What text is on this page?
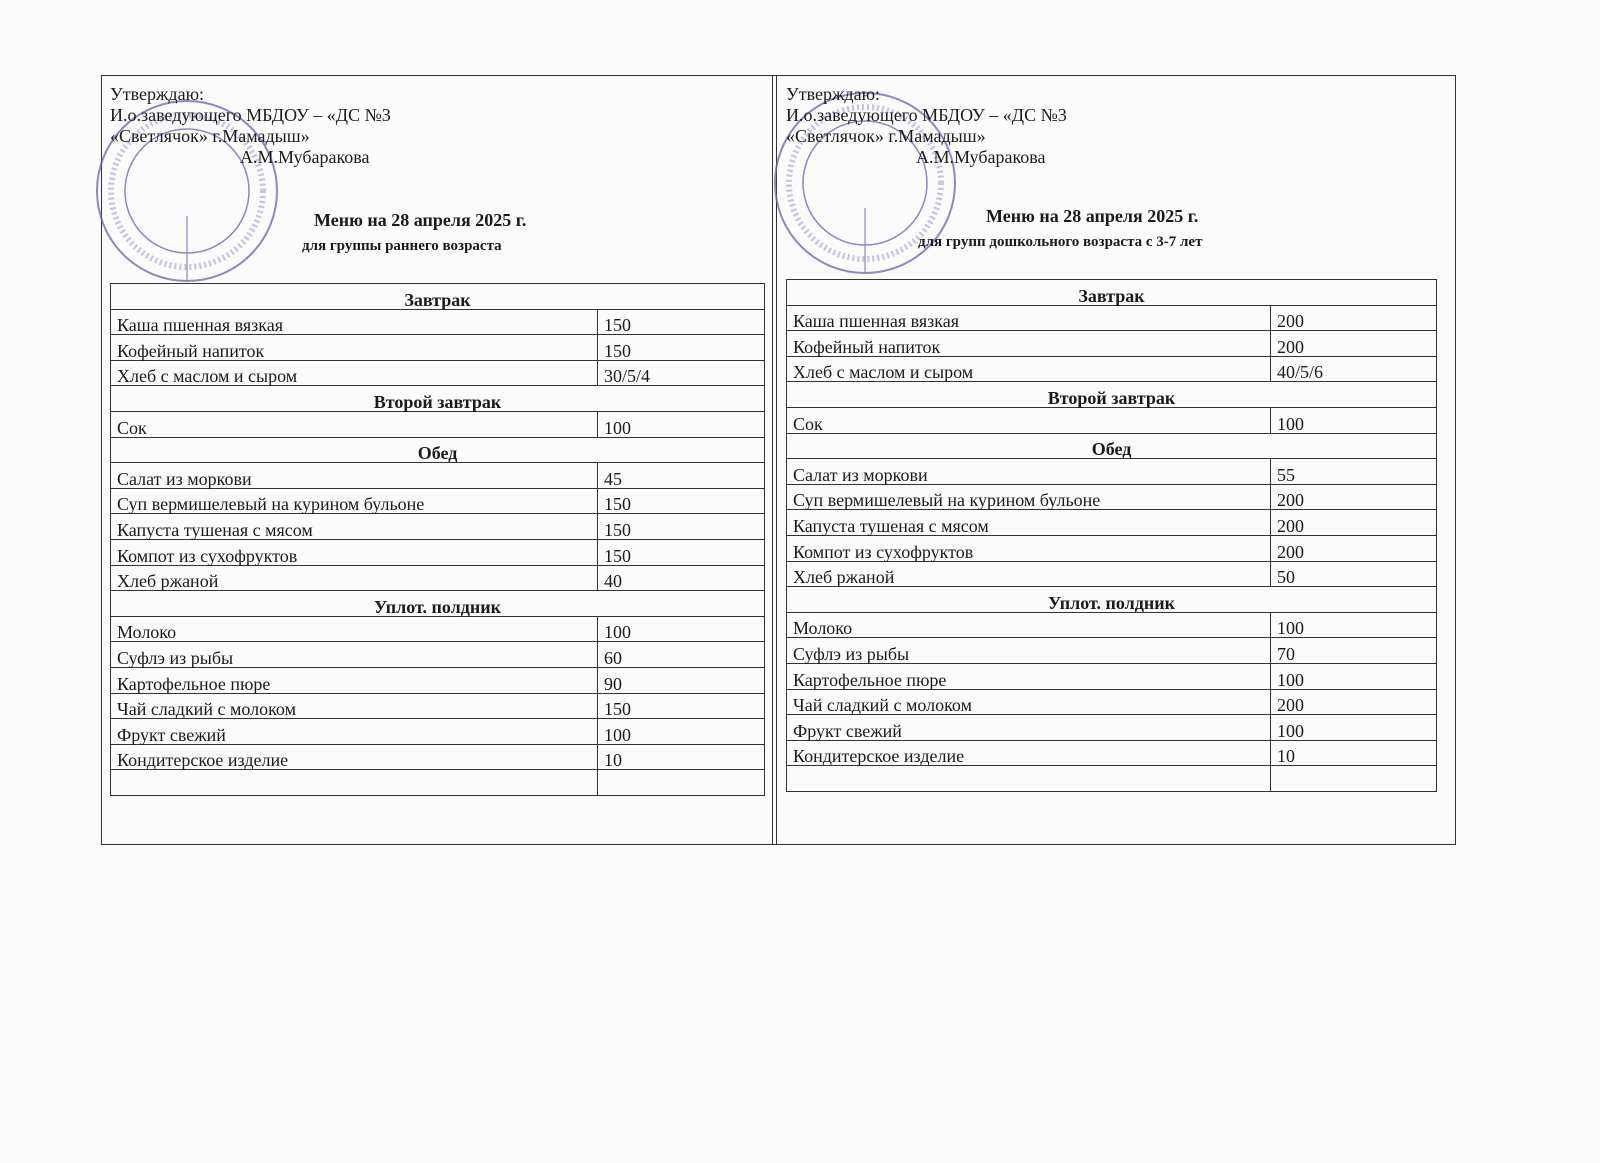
Утверждаю:
И.о.заведующего МБДОУ – «ДС №3
«Светлячок» г.Мамадыш»
А.М.Мубаракова
Меню на 28 апреля 2025 г.
для группы раннего возраста
Завтрак	
Каша пшенная вязкая	150
Кофейный напиток	150
Хлеб с маслом и сыром	30/5/4
Второй завтрак	
Сок	100
Обед	
Салат из моркови	45
Суп вермишелевый на курином бульоне	150
Капуста тушеная с мясом	150
Компот из сухофруктов	150
Хлеб ржаной	40
Уплот. полдник	
Молоко	100
Суфлэ из рыбы	60
Картофельное пюре	90
Чай сладкий с молоком	150
Фрукт свежий	100
Кондитерское изделие	10

Утверждаю:
И.о.заведующего МБДОУ – «ДС №3
«Светлячок» г.Мамадыш»
А.М.Мубаракова
Меню на 28 апреля 2025 г.
для групп дошкольного возраста с 3-7 лет
Завтрак	
Каша пшенная вязкая	200
Кофейный напиток	200
Хлеб с маслом и сыром	40/5/6
Второй завтрак	
Сок	100
Обед	
Салат из моркови	55
Суп вермишелевый на курином бульоне	200
Капуста тушеная с мясом	200
Компот из сухофруктов	200
Хлеб ржаной	50
Уплот. полдник	
Молоко	100
Суфлэ из рыбы	70
Картофельное пюре	100
Чай сладкий с молоком	200
Фрукт свежий	100
Кондитерское изделие	10
